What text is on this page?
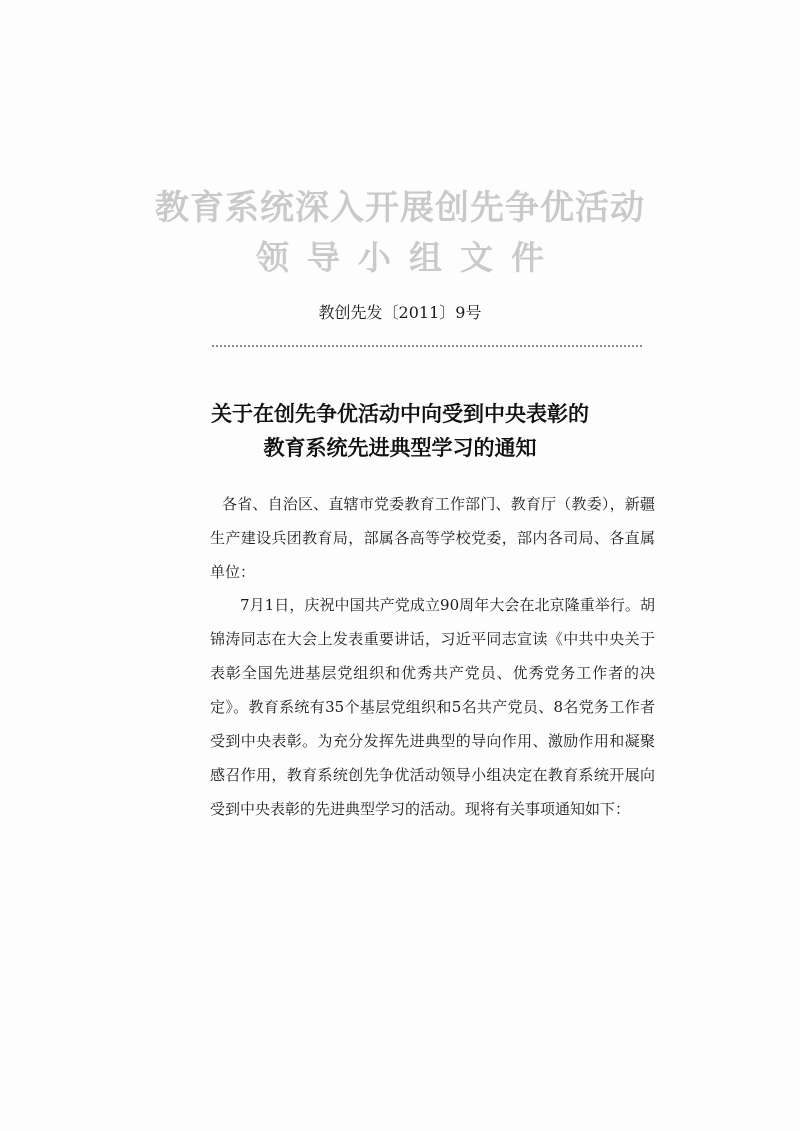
教育系统深入开展创先争优活动
领导小组文件
教创先发〔2011〕9号
关于在创先争优活动中向受到中央表彰的
教育系统先进典型学习的通知

各省、自治区、直辖市党委教育工作部门、教育厅（教委），新疆生产建设兵团教育局，部属各高等学校党委，部内各司局、各直属单位：

7月1日，庆祝中国共产党成立90周年大会在北京隆重举行。胡锦涛同志在大会上发表重要讲话，习近平同志宣读《中共中央关于表彰全国先进基层党组织和优秀共产党员、优秀党务工作者的决定》。教育系统有35个基层党组织和5名共产党员、8名党务工作者受到中央表彰。为充分发挥先进典型的导向作用、激励作用和凝聚感召作用，教育系统创先争优活动领导小组决定在教育系统开展向受到中央表彰的先进典型学习的活动。现将有关事项通知如下：
